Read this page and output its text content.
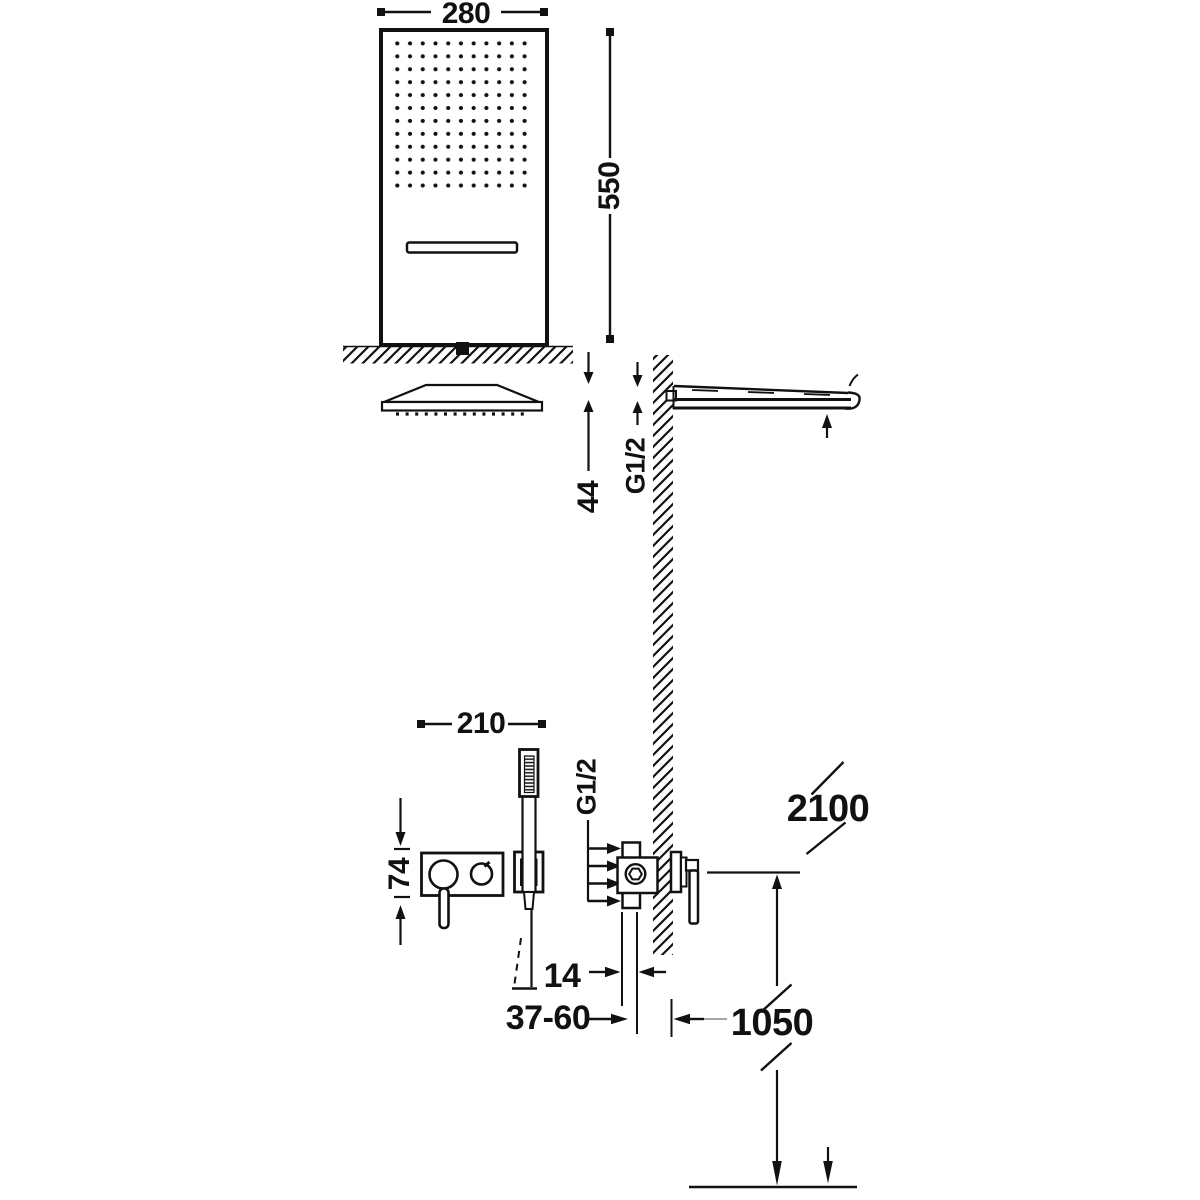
280
550
44
G1/2
210
74
G1/2
14
37-60
2100
1050
